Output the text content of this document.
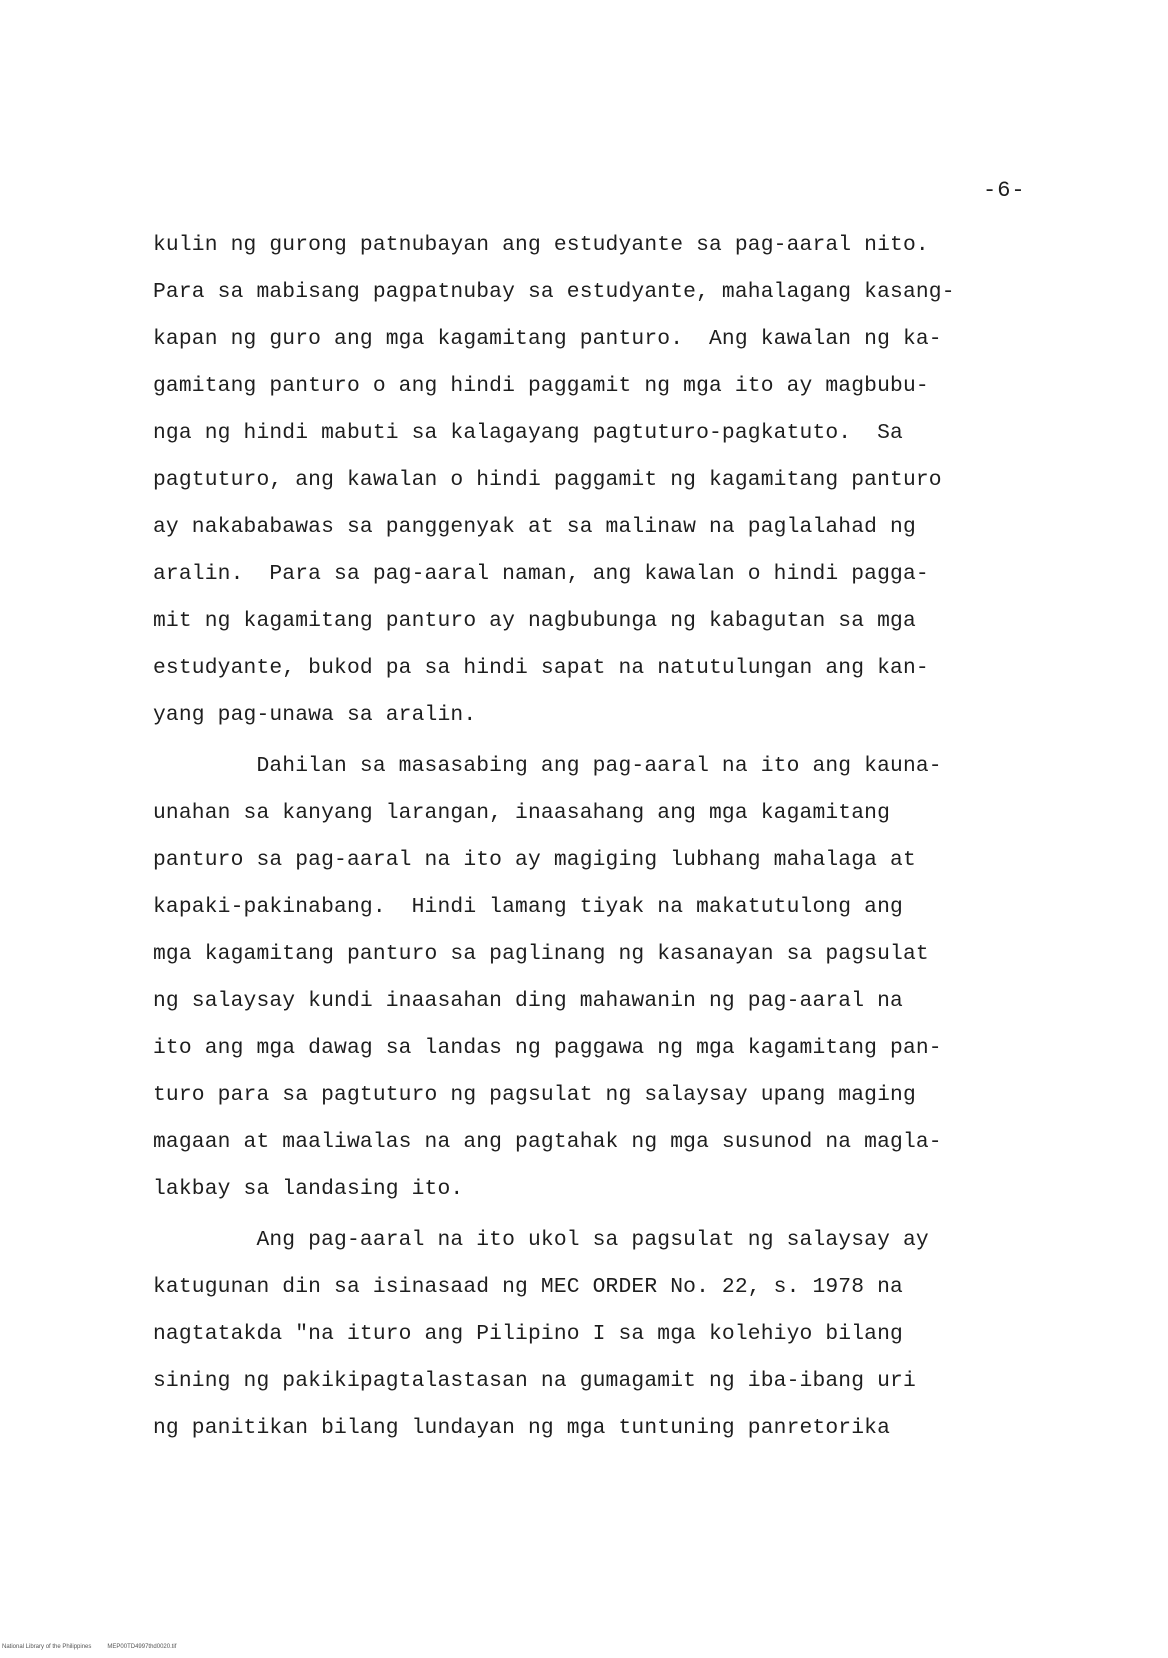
-6-
kulin ng gurong patnubayan ang estudyante sa pag-aaral nito.
Para sa mabisang pagpatnubay sa estudyante, mahalagang kasang-
kapan ng guro ang mga kagamitang panturo.  Ang kawalan ng ka-
gamitang panturo o ang hindi paggamit ng mga ito ay magbubu-
nga ng hindi mabuti sa kalagayang pagtuturo-pagkatuto.  Sa
pagtuturo, ang kawalan o hindi paggamit ng kagamitang panturo
ay nakababawas sa panggenyak at sa malinaw na paglalahad ng
aralin.  Para sa pag-aaral naman, ang kawalan o hindi pagga-
mit ng kagamitang panturo ay nagbubunga ng kabagutan sa mga
estudyante, bukod pa sa hindi sapat na natutulungan ang kan-
yang pag-unawa sa aralin.
Dahilan sa masasabing ang pag-aaral na ito ang kauna-
unahan sa kanyang larangan, inaasahang ang mga kagamitang
panturo sa pag-aaral na ito ay magiging lubhang mahalaga at
kapaki-pakinabang.  Hindi lamang tiyak na makatutulong ang
mga kagamitang panturo sa paglinang ng kasanayan sa pagsulat
ng salaysay kundi inaasahan ding mahawanin ng pag-aaral na
ito ang mga dawag sa landas ng paggawa ng mga kagamitang pan-
turo para sa pagtuturo ng pagsulat ng salaysay upang maging
magaan at maaliwalas na ang pagtahak ng mga susunod na magla-
lakbay sa landasing ito.
Ang pag-aaral na ito ukol sa pagsulat ng salaysay ay
katugunan din sa isinasaad ng MEC ORDER No. 22, s. 1978 na
nagtatakda "na ituro ang Pilipino I sa mga kolehiyo bilang
sining ng pakikipagtalastasan na gumagamit ng iba-ibang uri
ng panitikan bilang lundayan ng mga tuntuning panretorika
National Library of the Philippines	MEP00TD4997thd0020.tif
